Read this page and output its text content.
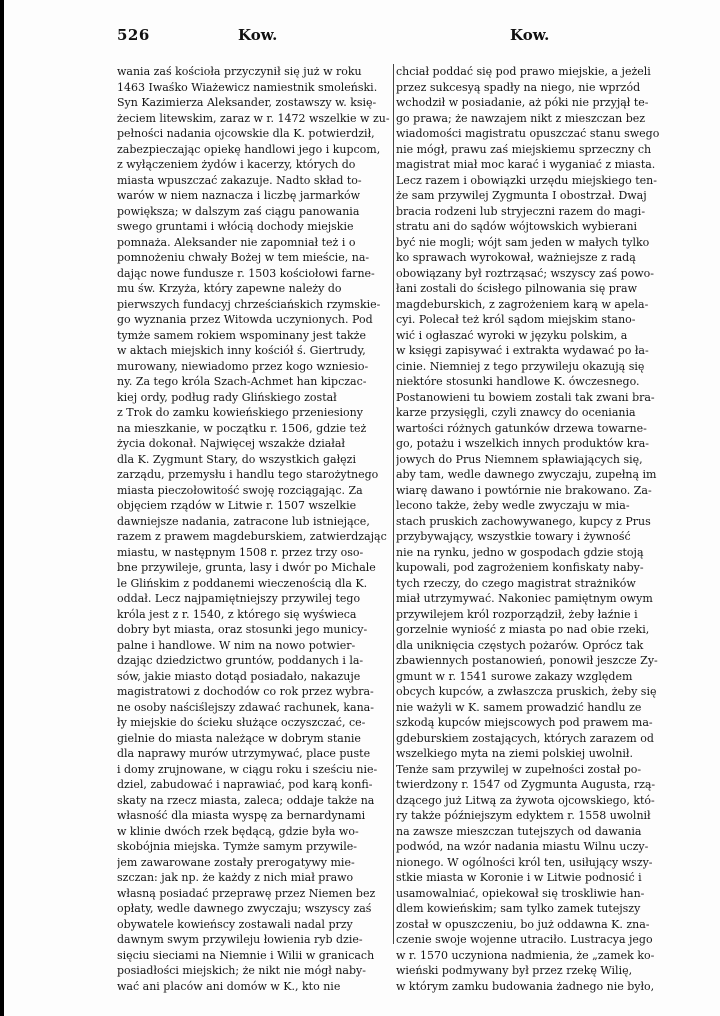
526	Kow.	Kow.
wania zaś kościoła przyczynił się już w roku
1463 Iwaśko Wiażewicz namiestnik smoleński.
Syn Kazimierza Aleksander, zostawszy w. księ-
żeciem litewskim, zaraz w r. 1472 wszelkie w zu-
pełności nadania ojcowskie dla K. potwierdził,
zabezpieczając opiekę handlowi jego i kupcom,
z wyłączeniem żydów i kacerzy, których do
miasta wpuszczać zakazuje. Nadto skład to-
warów w niem naznacza i liczbę jarmarków
powiększa; w dalszym zaś ciągu panowania
swego gruntami i włócią dochody miejskie
pomnaża. Aleksander nie zapomniał też i o
pomnożeniu chwały Bożej w tem mieście, na-
dając nowe fundusze r. 1503 kościołowi farne-
mu św. Krzyża, który zapewne należy do
pierwszych fundacyj chrześciańskich rzymskie-
go wyznania przez Witowda uczynionych. Pod
tymże samem rokiem wspominany jest także
w aktach miejskich inny kościół ś. Giertrudy,
murowany, niewiadomo przez kogo wzniesio-
ny. Za tego króla Szach-Achmet han kipczac-
kiej ordy, podług rady Glińskiego został
z Trok do zamku kowieńskiego przeniesiony
na mieszkanie, w początku r. 1506, gdzie też
życia dokonał. Najwięcej wszakże działał
dla K. Zygmunt Stary, do wszystkich gałęzi
zarządu, przemysłu i handlu tego starożytnego
miasta pieczołowitość swoję rozciągając. Za
objęciem rządów w Litwie r. 1507 wszelkie
dawniejsze nadania, zatracone lub istniejące,
razem z prawem magdeburskiem, zatwierdzając
miastu, w następnym 1508 r. przez trzy oso-
bne przywileje, grunta, lasy i dwór po Michale
le Glińskim z poddanemi wieczenością dla K.
oddał. Lecz najpamiętniejszy przywilej tego
króla jest z r. 1540, z którego się wyświeca
dobry byt miasta, oraz stosunki jego municy-
palne i handlowe. W nim na nowo potwier-
dzając dziedzictwo gruntów, poddanych i la-
sów, jakie miasto dotąd posiadało, nakazuje
magistratowi z dochodów co rok przez wybra-
ne osoby naściślejszy zdawać rachunek, kana-
ły miejskie do ścieku służące oczyszczać, ce-
gielnie do miasta należące w dobrym stanie
dla naprawy murów utrzymywać, place puste
i domy zrujnowane, w ciągu roku i sześciu nie-
dziel, zabudować i naprawiać, pod karą konfi-
skaty na rzecz miasta, zaleca; oddaje także na
własność dla miasta wyspę za bernardynami
w klinie dwóch rzek będącą, gdzie była wo-
skobójnia miejska. Tymże samym przywile-
jem zawarowane zostały prerogatywy mie-
szczan: jak np. że każdy z nich miał prawo
własną posiadać przeprawę przez Niemen bez
opłaty, wedle dawnego zwyczaju; wszyscy zaś
obywatele kowieńscy zostawali nadal przy
dawnym swym przywileju łowienia ryb dzie-
sięciu sieciami na Niemnie i Wilii w granicach
posiadłości miejskich; że nikt nie mógł naby-
wać ani placów ani domów w K., kto nie
chciał poddać się pod prawo miejskie, a jeżeli
przez sukcesyą spadły na niego, nie wprzód
wchodził w posiadanie, aż póki nie przyjął te-
go prawa; że nawzajem nikt z mieszczan bez
wiadomości magistratu opuszczać stanu swego
nie mógł, prawu zaś miejskiemu sprzeczny ch
magistrat miał moc karać i wyganiać z miasta.
Lecz razem i obowiązki urzędu miejskiego ten-
że sam przywilej Zygmunta I obostrzał. Dwaj
bracia rodzeni lub stryjeczni razem do magi-
stratu ani do sądów wójtowskich wybierani
być nie mogli; wójt sam jeden w małych tylko
ko sprawach wyrokował, ważniejsze z radą
obowiązany był roztrząsać; wszyscy zaś powo-
łani zostali do ścisłego pilnowania się praw
magdeburskich, z zagrożeniem karą w apela-
cyi. Polecał też król sądom miejskim stano-
wić i ogłaszać wyroki w języku polskim, a
w księgi zapisywać i extrakta wydawać po ła-
cinie. Niemniej z tego przywileju okazują się
niektóre stosunki handlowe K. ówczesnego.
Postanowieni tu bowiem zostali tak zwani bra-
karze przysięgli, czyli znawcy do oceniania
wartości różnych gatunków drzewa towarne-
go, potażu i wszelkich innych produktów kra-
jowych do Prus Niemnem spławiających się,
aby tam, wedle dawnego zwyczaju, zupełną im
wiarę dawano i powtórnie nie brakowano. Za-
lecono także, żeby wedle zwyczaju w mia-
stach pruskich zachowywanego, kupcy z Prus
przybywający, wszystkie towary i żywność
nie na rynku, jedno w gospodach gdzie stoją
kupowali, pod zagrożeniem konfiskaty naby-
tych rzeczy, do czego magistrat strażników
miał utrzymywać. Nakoniec pamiętnym owym
przywilejem król rozporządził, żeby łaźnie i
gorzelnie wyniość z miasta po nad obie rzeki,
dla uniknięcia częstych pożarów. Oprócz tak
zbawiennych postanowień, ponowił jeszcze Zy-
gmunt w r. 1541 surowe zakazy względem
obcych kupców, a zwłaszcza pruskich, żeby się
nie ważyli w K. samem prowadzić handlu ze
szkodą kupców miejscowych pod prawem ma-
gdeburskiem zostających, których zarazem od
wszelkiego myta na ziemi polskiej uwolnił.
Tenże sam przywilej w zupełności został po-
twierdzony r. 1547 od Zygmunta Augusta, rzą-
dzącego już Litwą za żywota ojcowskiego, któ-
ry także późniejszym edyktem r. 1558 uwolnił
na zawsze mieszczan tutejszych od dawania
podwód, na wzór nadania miastu Wilnu uczy-
nionego. W ogólności król ten, usiłujący wszy-
stkie miasta w Koronie i w Litwie podnosić i
usamowalniać, opiekował się troskliwie han-
dlem kowieńskim; sam tylko zamek tutejszy
został w opuszczeniu, bo już oddawna K. zna-
czenie swoje wojenne utraciło. Lustracya jego
w r. 1570 uczyniona nadmienia, że „zamek ko-
wieński podmywany był przez rzekę Wilię,
w którym zamku budowania żadnego nie było,
